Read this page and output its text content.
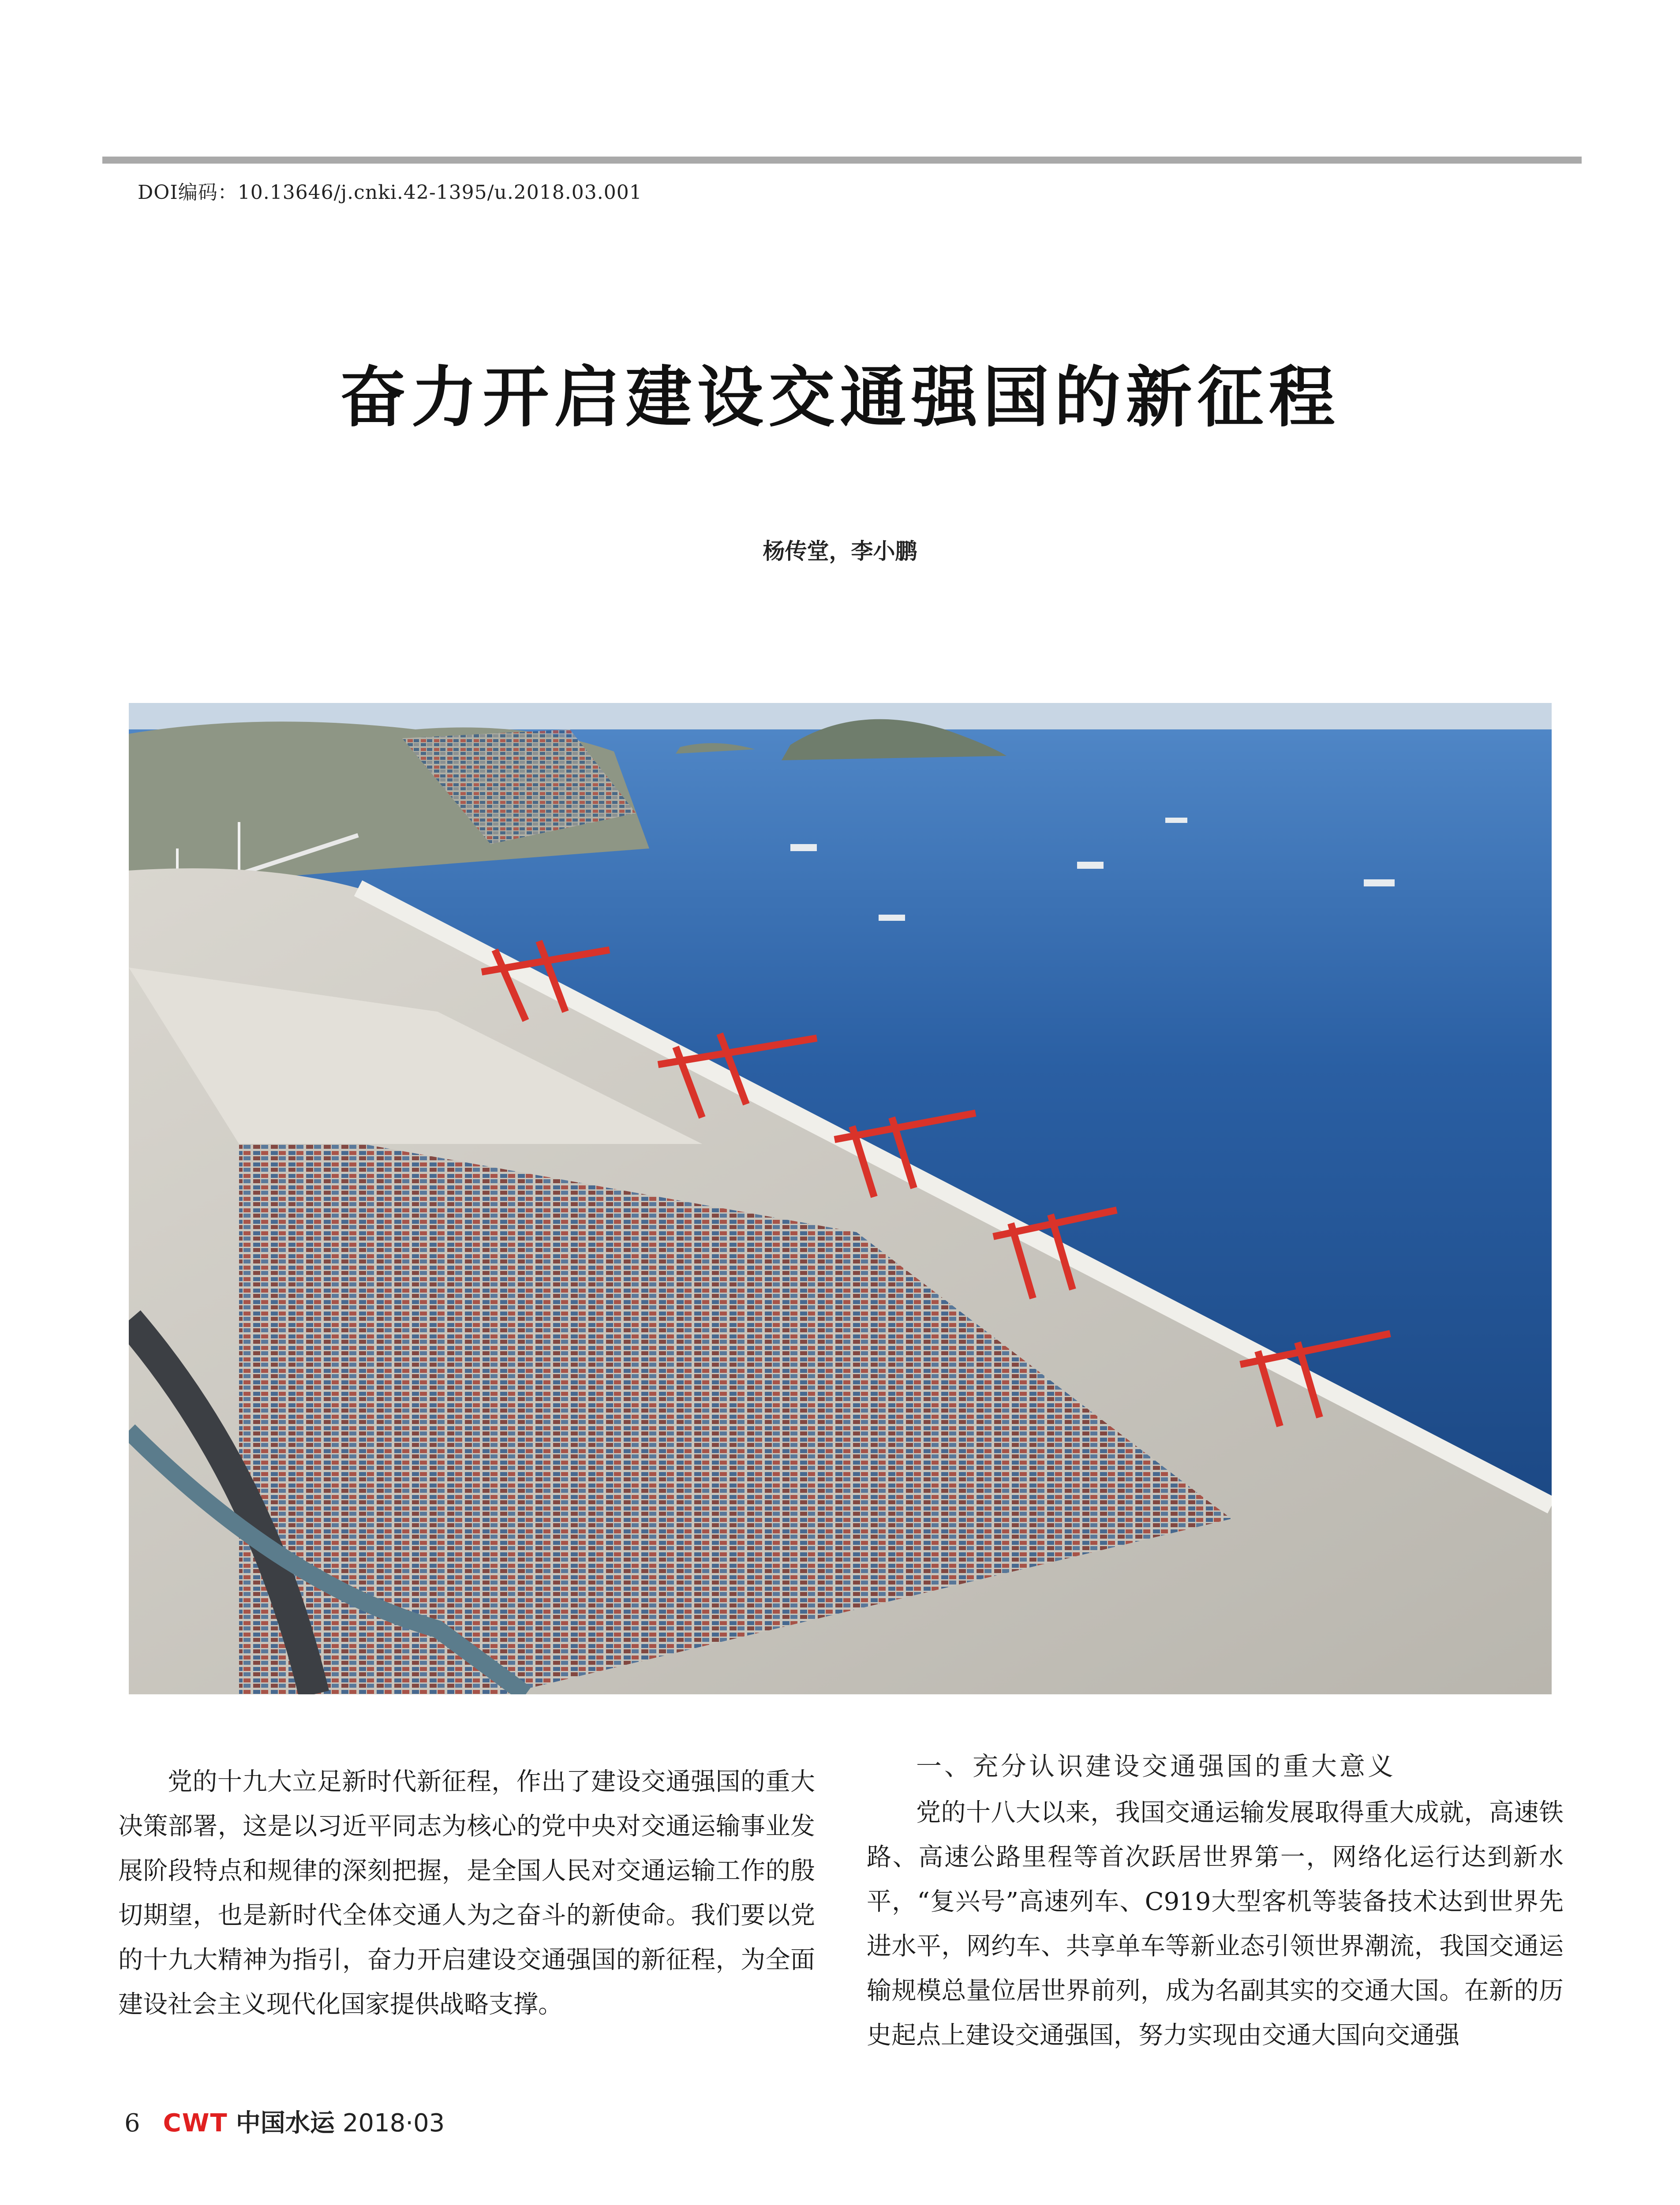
DOI编码：10.13646/j.cnki.42-1395/u.2018.03.001
奋力开启建设交通强国的新征程
杨传堂，李小鹏

党的十九大立足新时代新征程，作出了建设交通强国的重大决策部署，这是以习近平同志为核心的党中央对交通运输事业发展阶段特点和规律的深刻把握，是全国人民对交通运输工作的殷切期望，也是新时代全体交通人为之奋斗的新使命。我们要以党的十九大精神为指引，奋力开启建设交通强国的新征程，为全面建设社会主义现代化国家提供战略支撑。

一、充分认识建设交通强国的重大意义

党的十八大以来，我国交通运输发展取得重大成就，高速铁路、高速公路里程等首次跃居世界第一，网络化运行达到新水平，“复兴号”高速列车、C919大型客机等装备技术达到世界先进水平，网约车、共享单车等新业态引领世界潮流，我国交通运输规模总量位居世界前列，成为名副其实的交通大国。在新的历史起点上建设交通强国，努力实现由交通大国向交通强

6 CWT 中国水运 2018·03
